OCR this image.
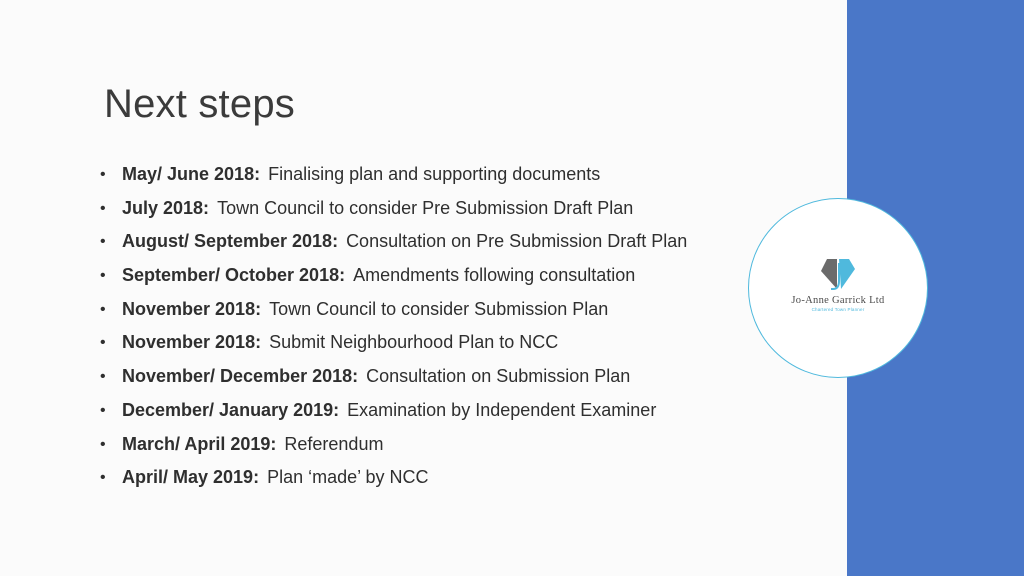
Next steps
• May/ June 2018: Finalising plan and supporting documents
• July 2018: Town Council to consider Pre Submission Draft Plan
• August/ September 2018: Consultation on Pre Submission Draft Plan
• September/ October 2018: Amendments following consultation
• November 2018: Town Council to consider Submission Plan
• November 2018: Submit Neighbourhood Plan to NCC
• November/ December 2018: Consultation on Submission Plan
• December/ January 2019: Examination by Independent Examiner
• March/ April 2019: Referendum
• April/ May 2019: Plan ‘made’ by NCC
Jo-Anne Garrick Ltd
Chartered Town Planner
